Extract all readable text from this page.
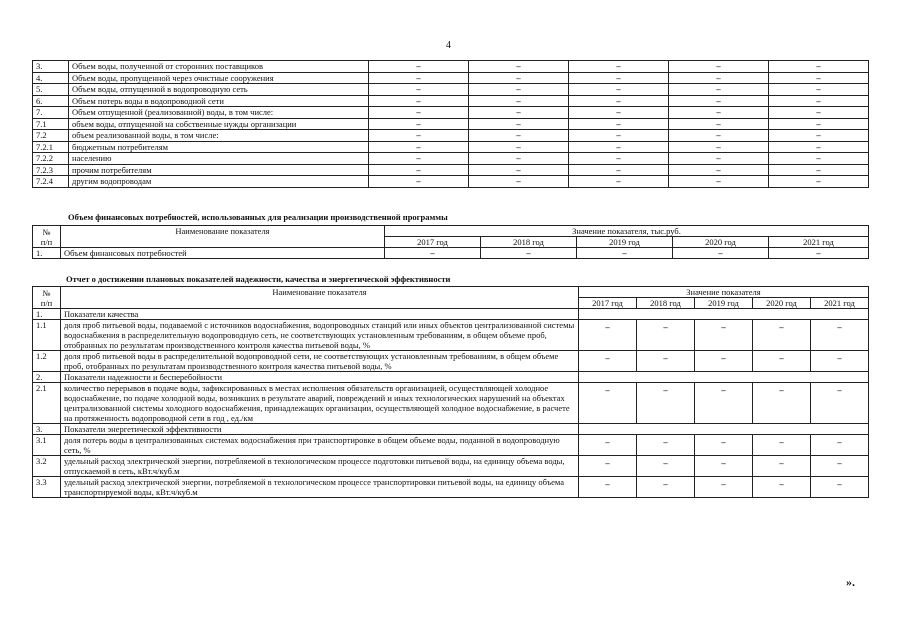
4
3.	Объем воды, полученной от сторонних поставщиков	–	–	–	–	–
4.	Объем воды, пропущенной через очистные сооружения	–	–	–	–	–
5.	Объем воды, отпущенной в водопроводную сеть	–	–	–	–	–
6.	Объем потерь воды в водопроводной сети	–	–	–	–	–
7.	Объем отпущенной (реализованной) воды, в том числе:	–	–	–	–	–
7.1	объем воды, отпущенной на собственные нужды организации	–	–	–	–	–
7.2	объем реализованной воды, в том числе:	–	–	–	–	–
7.2.1	бюджетным потребителям	–	–	–	–	–
7.2.2	населению	–	–	–	–	–
7.2.3	прочим потребителям	–	–	–	–	–
7.2.4	другим водопроводам	–	–	–	–	–
Объем финансовых потребностей, использованных для реализации производственной программы
№
п/п	Наименование показателя	Значение показателя, тыс.руб.				
		2017 год	2018 год	2019 год	2020 год	2021 год
1.	Объем финансовых потребностей	–	–	–	–	–
Отчет о достижении плановых показателей надежности, качества и энергетической эффективности
№
п/п	Наименование показателя	Значение показателя				
		2017 год	2018 год	2019 год	2020 год	2021 год
1.	Показатели качества					
1.1	доля проб питьевой воды, подаваемой с источников водоснабжения, водопроводных станций или иных объектов централизованной системы водоснабжения в распределительную водопроводную сеть, не соответствующих установленным требованиям, в общем объеме проб, отобранных по результатам производственного контроля качества питьевой воды, %	–	–	–	–	–
1.2	доля проб питьевой воды в распределительной водопроводной сети, не соответствующих установленным требованиям, в общем объеме проб, отобранных по результатам производственного контроля качества питьевой воды, %	–	–	–	–	–
2.	Показатели надежности и бесперебойности					
2.1	количество перерывов в подаче воды, зафиксированных в местах исполнения обязательств организацией, осуществляющей холодное водоснабжение, по подаче холодной воды, возникших в результате аварий, повреждений и иных технологических нарушений на объектах централизованной системы холодного водоснабжения, принадлежащих организации, осуществляющей холодное водоснабжение, в расчете на протяженность водопроводной сети в год , ед./км	–	–	–	–	–
3.	Показатели энергетической эффективности					
3.1	доля потерь воды в централизованных системах водоснабжения при транспортировке в общем объеме воды, поданной в водопроводную сеть, %	–	–	–	–	–
3.2	удельный расход электрической энергии, потребляемой в технологическом процессе подготовки питьевой воды, на единицу объема воды, отпускаемой в сеть, кВт.ч/куб.м	–	–	–	–	–
3.3	удельный расход электрической энергии, потребляемой в технологическом процессе транспортировки питьевой воды, на единицу объема транспортируемой воды, кВт.ч/куб.м	–	–	–	–	–
».
